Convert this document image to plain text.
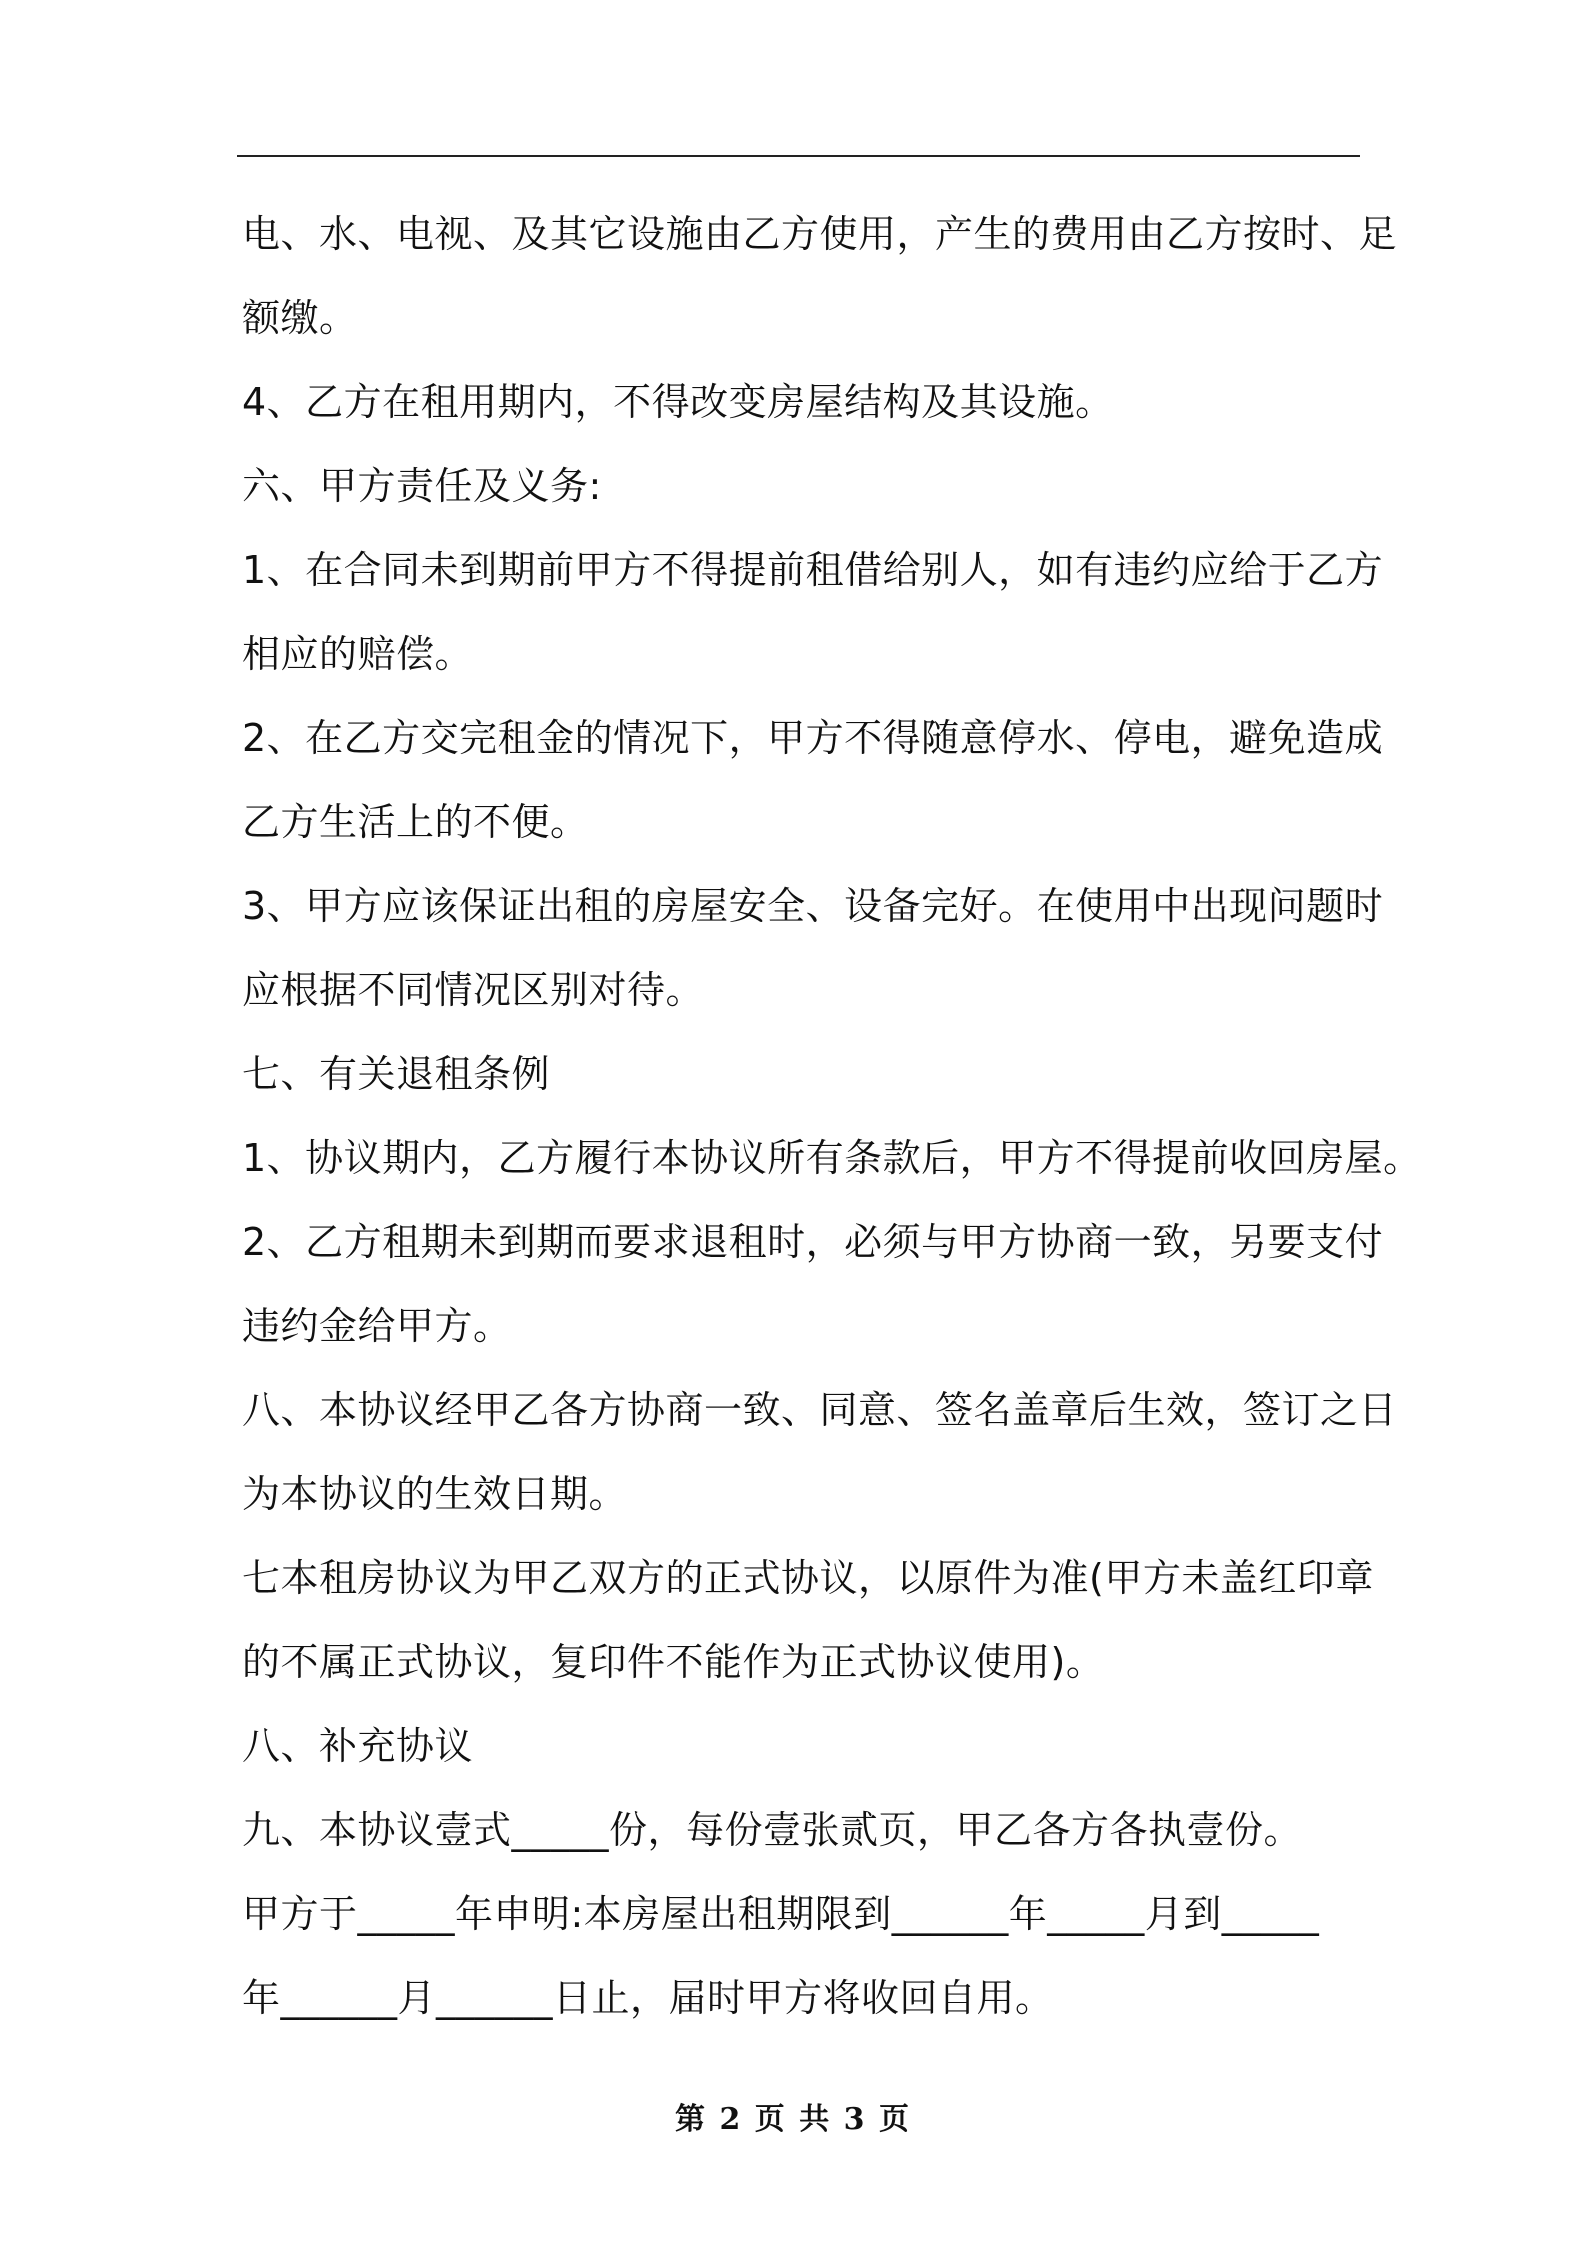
电、水、电视、及其它设施由乙方使用，产生的费用由乙方按时、足
额缴。
4、乙方在租用期内，不得改变房屋结构及其设施。
六、甲方责任及义务:
1、在合同未到期前甲方不得提前租借给别人，如有违约应给于乙方
相应的赔偿。
2、在乙方交完租金的情况下，甲方不得随意停水、停电，避免造成
乙方生活上的不便。
3、甲方应该保证出租的房屋安全、设备完好。在使用中出现问题时
应根据不同情况区别对待。
七、有关退租条例
1、协议期内，乙方履行本协议所有条款后，甲方不得提前收回房屋。
2、乙方租期未到期而要求退租时，必须与甲方协商一致，另要支付
违约金给甲方。
八、本协议经甲乙各方协商一致、同意、签名盖章后生效，签订之日
为本协议的生效日期。
七本租房协议为甲乙双方的正式协议，以原件为准(甲方未盖红印章
的不属正式协议，复印件不能作为正式协议使用)。
八、补充协议
九、本协议壹式_____份，每份壹张贰页，甲乙各方各执壹份。
甲方于_____年申明:本房屋出租期限到______年_____月到_____
年______月______日止，届时甲方将收回自用。
第 2 页 共 3 页
